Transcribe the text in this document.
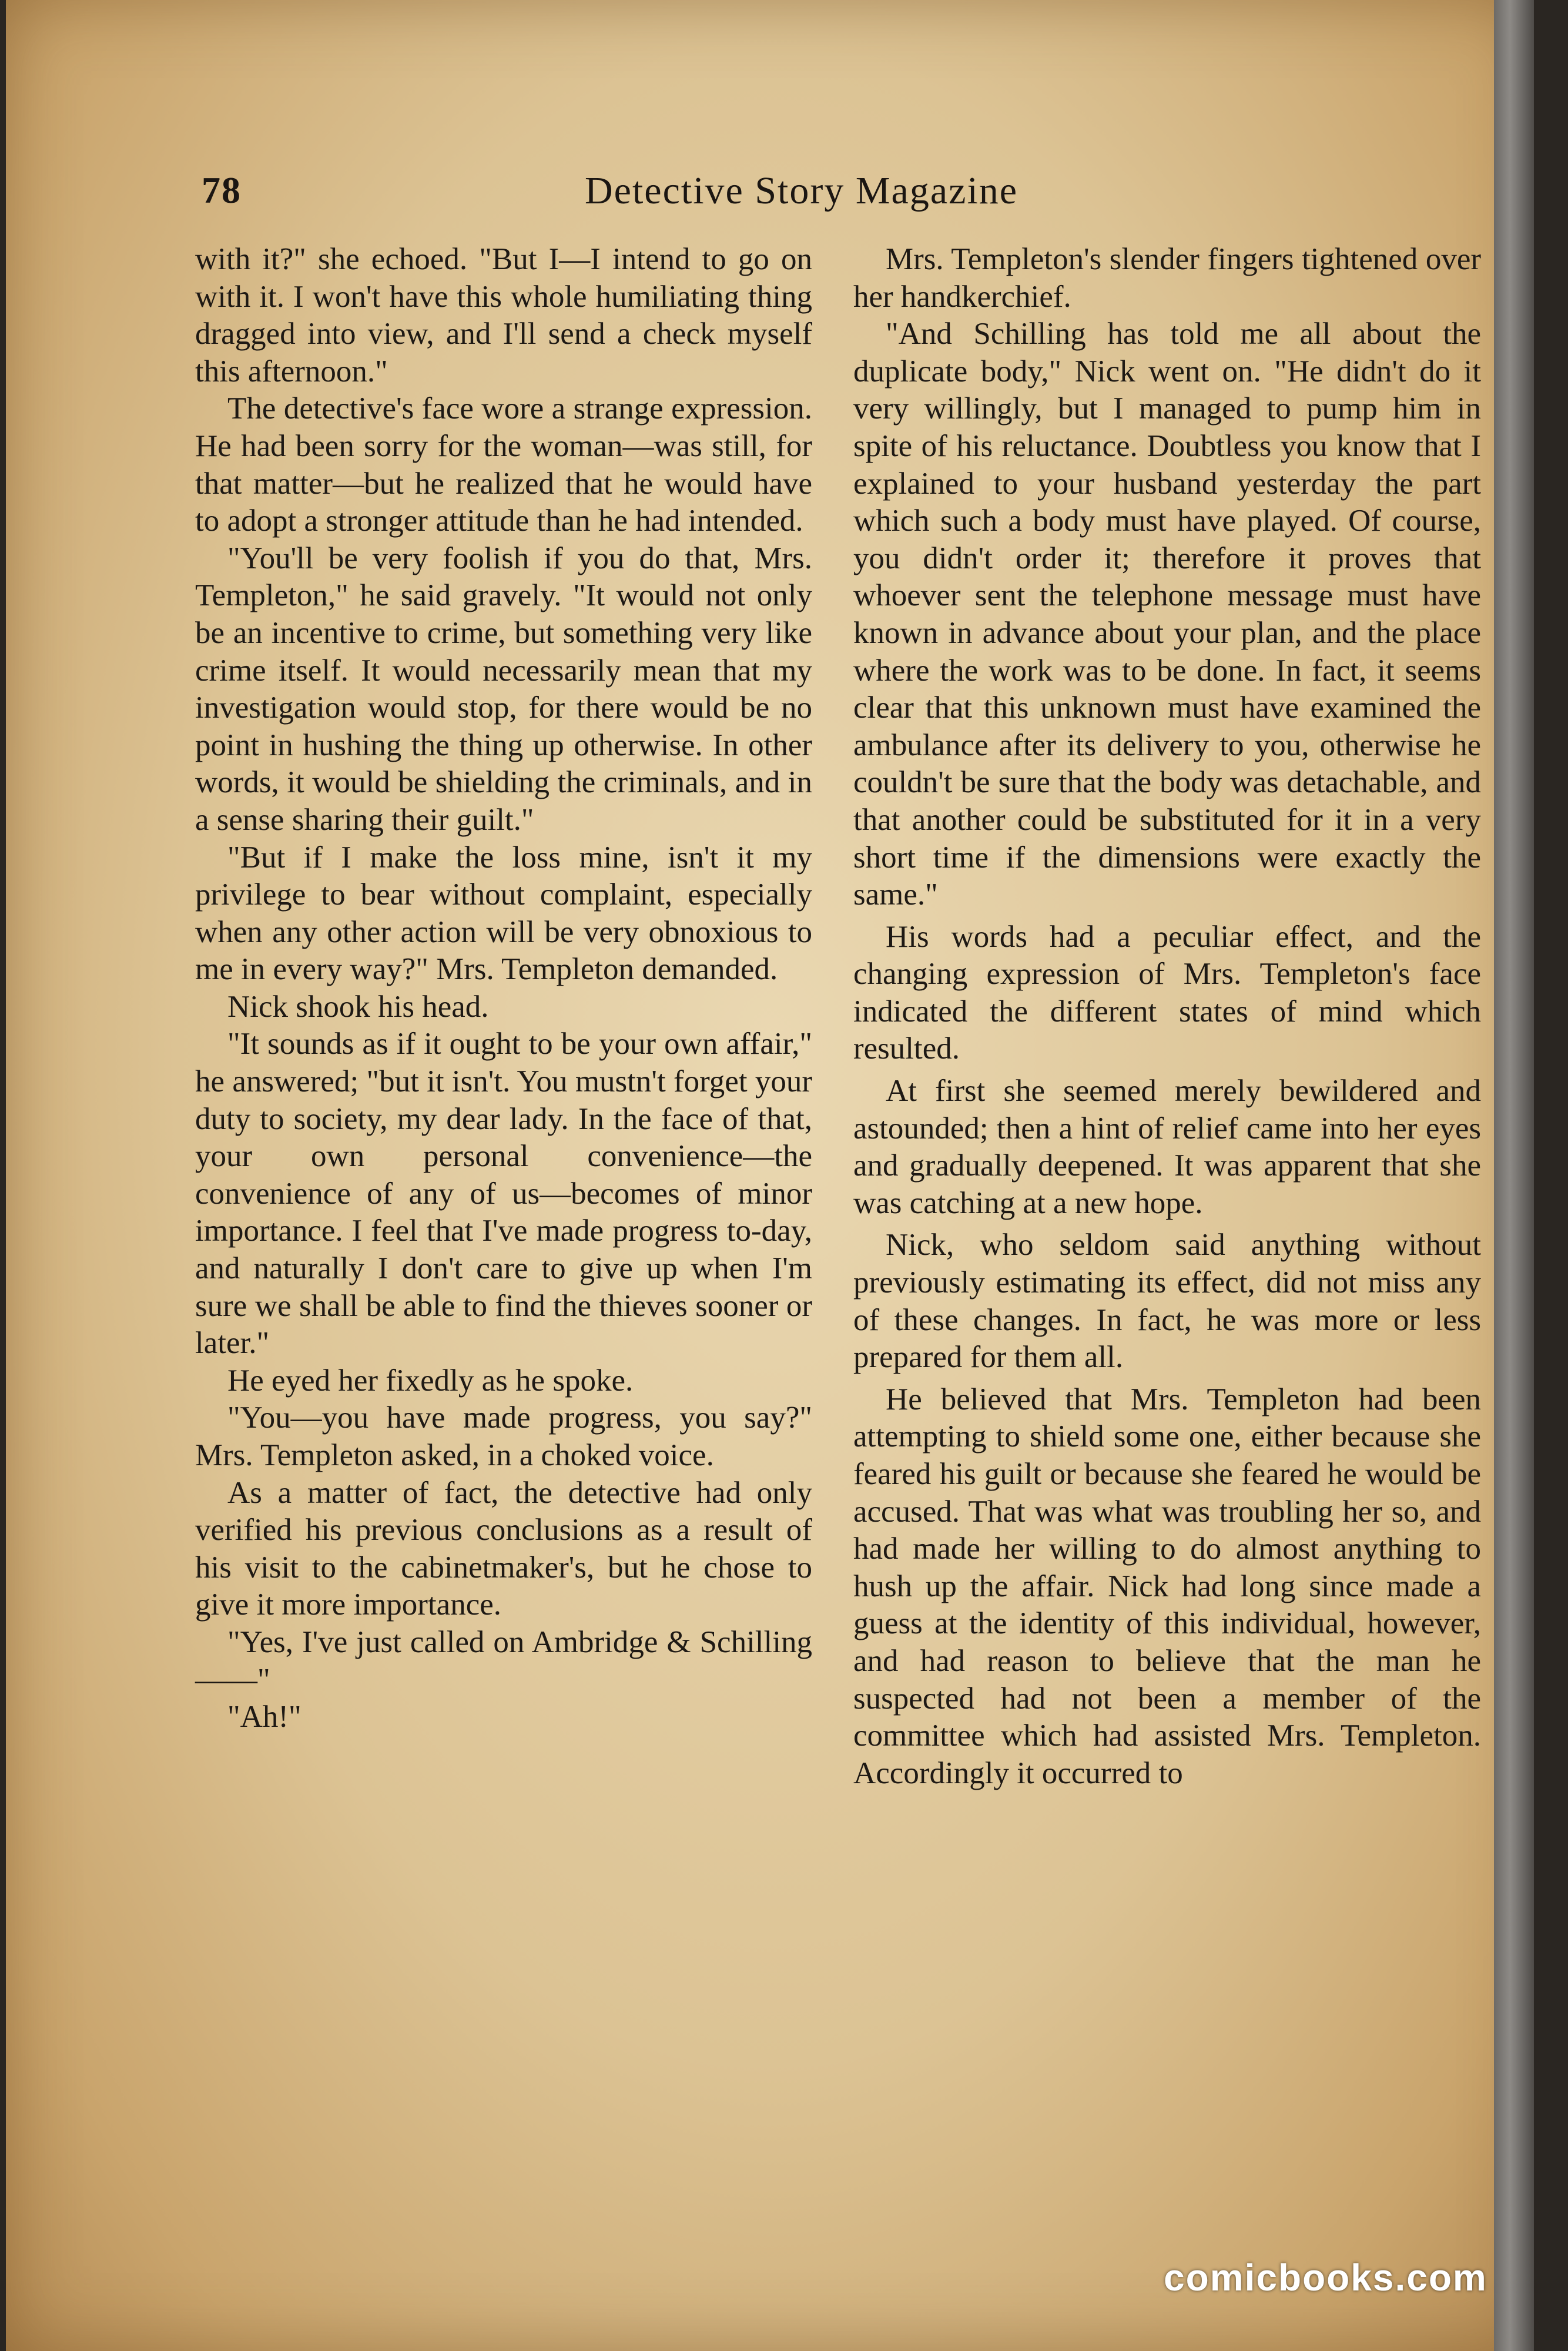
78	Detective Story Magazine

with it?" she echoed. "But I—I intend to go on with it. I won't have this whole humiliating thing dragged into view, and I'll send a check myself this afternoon."

The detective's face wore a strange expression. He had been sorry for the woman—was still, for that matter—but he realized that he would have to adopt a stronger attitude than he had intended.

"You'll be very foolish if you do that, Mrs. Templeton," he said gravely. "It would not only be an incentive to crime, but something very like crime itself. It would necessarily mean that my investigation would stop, for there would be no point in hushing the thing up otherwise. In other words, it would be shielding the criminals, and in a sense sharing their guilt."

"But if I make the loss mine, isn't it my privilege to bear without complaint, especially when any other action will be very obnoxious to me in every way?" Mrs. Templeton demanded.

Nick shook his head.

"It sounds as if it ought to be your own affair," he answered; "but it isn't. You mustn't forget your duty to society, my dear lady. In the face of that, your own personal convenience—the convenience of any of us—becomes of minor importance. I feel that I've made progress to-day, and naturally I don't care to give up when I'm sure we shall be able to find the thieves sooner or later."

He eyed her fixedly as he spoke.

"You—you have made progress, you say?" Mrs. Templeton asked, in a choked voice.

As a matter of fact, the detective had only verified his previous conclusions as a result of his visit to the cabinetmaker's, but he chose to give it more importance.

"Yes, I've just called on Ambridge & Schilling——"

"Ah!"

Mrs. Templeton's slender fingers tightened over her handkerchief.

"And Schilling has told me all about the duplicate body," Nick went on. "He didn't do it very willingly, but I managed to pump him in spite of his reluctance. Doubtless you know that I explained to your husband yesterday the part which such a body must have played. Of course, you didn't order it; therefore it proves that whoever sent the telephone message must have known in advance about your plan, and the place where the work was to be done. In fact, it seems clear that this unknown must have examined the ambulance after its delivery to you, otherwise he couldn't be sure that the body was detachable, and that another could be substituted for it in a very short time if the dimensions were exactly the same."

His words had a peculiar effect, and the changing expression of Mrs. Templeton's face indicated the different states of mind which resulted.

At first she seemed merely bewildered and astounded; then a hint of relief came into her eyes and gradually deepened. It was apparent that she was catching at a new hope.

Nick, who seldom said anything without previously estimating its effect, did not miss any of these changes. In fact, he was more or less prepared for them all.

He believed that Mrs. Templeton had been attempting to shield some one, either because she feared his guilt or because she feared he would be accused. That was what was troubling her so, and had made her willing to do almost anything to hush up the affair. Nick had long since made a guess at the identity of this individual, however, and had reason to believe that the man he suspected had not been a member of the committee which had assisted Mrs. Templeton. Accordingly it occurred to

comicbooks.com
